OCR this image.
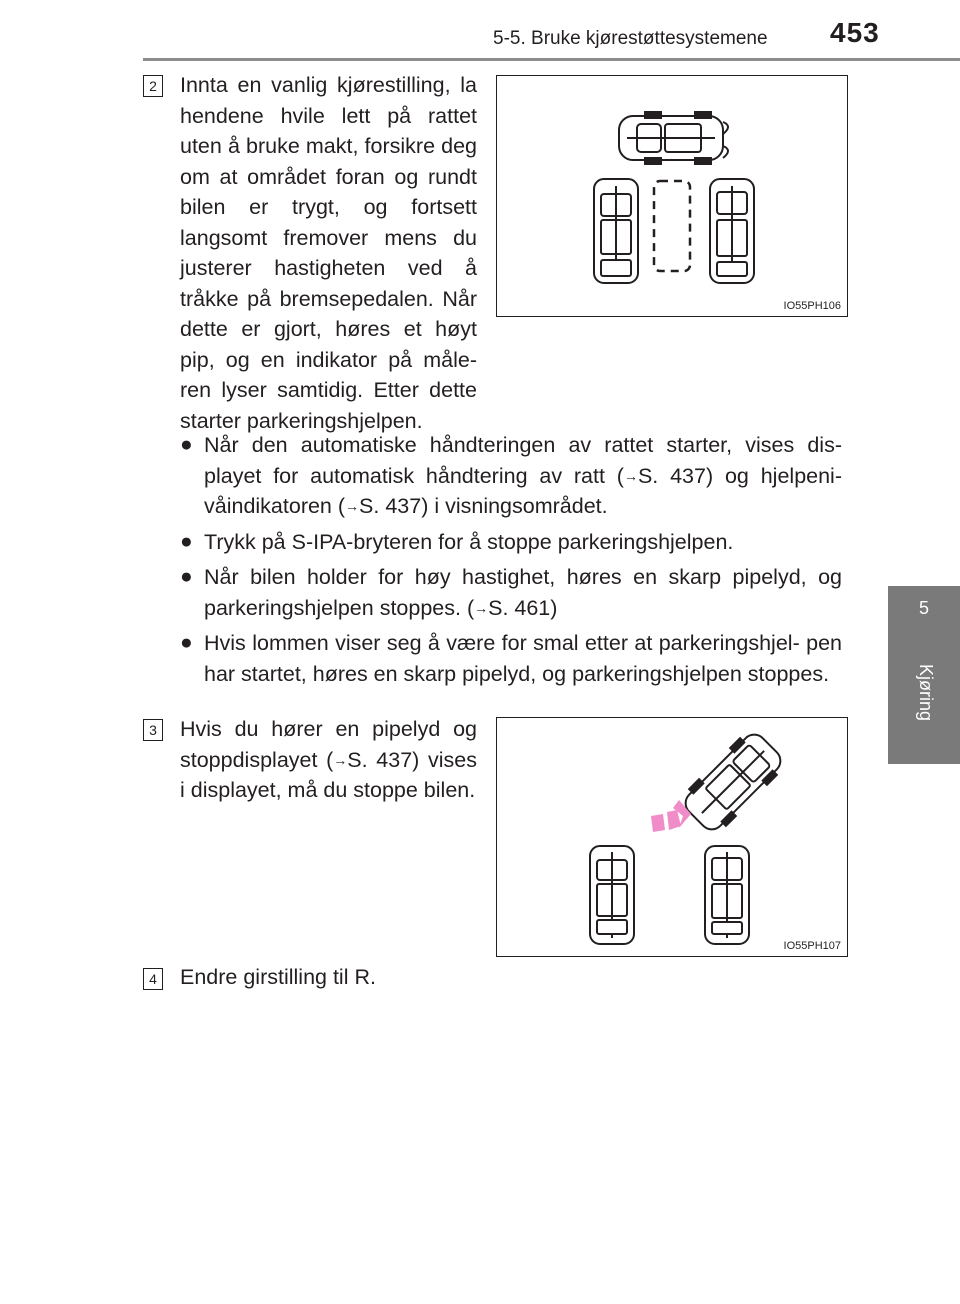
5-5. Bruke kjørestøttesystemene 453
5
Kjøring
2 Innta en vanlig kjørestilling, la hendene hvile lett på rattet uten å bruke makt, forsikre deg om at området foran og rundt bilen er trygt, og fortsett langsomt fremover mens du justerer hastigheten ved å tråkke på bremsepedalen. Når dette er gjort, høres et høyt pip, og en indikator på måle- ren lyser samtidig. Etter dette starter parkeringshjelpen.
IO55PH106
● Når den automatiske håndteringen av rattet starter, vises dis- playet for automatisk håndtering av ratt (→S. 437) og hjelpeni- våindikatoren (→S. 437) i visningsområdet.
● Trykk på S-IPA-bryteren for å stoppe parkeringshjelpen.
● Når bilen holder for høy hastighet, høres en skarp pipelyd, og parkeringshjelpen stoppes. (→S. 461)
● Hvis lommen viser seg å være for smal etter at parkeringshjel- pen har startet, høres en skarp pipelyd, og parkeringshjelpen stoppes.
3 Hvis du hører en pipelyd og stoppdisplayet (→S. 437) vises i displayet, må du stoppe bilen.
IO55PH107
4 Endre girstilling til R.
